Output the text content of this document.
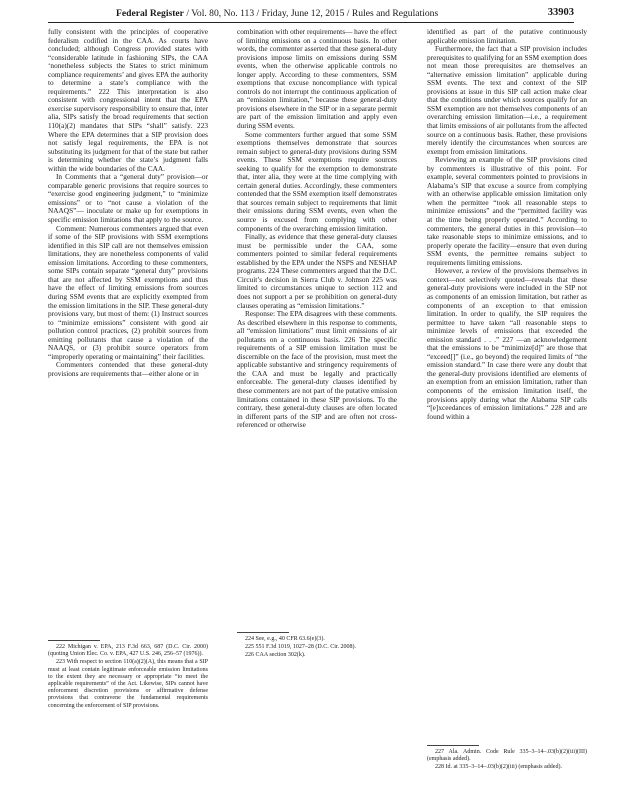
Federal Register / Vol. 80, No. 113 / Friday, June 12, 2015 / Rules and Regulations	33903

fully consistent with the principles of cooperative federalism codified in the CAA. As courts have concluded; although Congress provided states with “considerable latitude in fashioning SIPs, the CAA ‘nonetheless subjects the States to strict minimum compliance requirements’ and gives EPA the authority to determine a state’s compliance with the requirements.” 222 This interpretation is also consistent with congressional intent that the EPA exercise supervisory responsibility to ensure that, inter alia, SIPs satisfy the broad requirements that section 110(a)(2) mandates that SIPs “shall” satisfy. 223 Where the EPA determines that a SIP provision does not satisfy legal requirements, the EPA is not substituting its judgment for that of the state but rather is determining whether the state’s judgment falls within the wide boundaries of the CAA.

In Comments that a “general duty” provision—or comparable generic provisions that require sources to “exercise good engineering judgment,” to “minimize emissions” or to “not cause a violation of the NAAQS”— inoculate or make up for exemptions in specific emission limitations that apply to the source.

Comment: Numerous commenters argued that even if some of the SIP provisions with SSM exemptions identified in this SIP call are not themselves emission limitations, they are nonetheless components of valid emission limitations. According to these commenters, some SIPs contain separate “general duty” provisions that are not affected by SSM exemptions and thus have the effect of limiting emissions from sources during SSM events that are explicitly exempted from the emission limitations in the SIP. These general-duty provisions vary, but most of them: (1) Instruct sources to “minimize emissions” consistent with good air pollution control practices, (2) prohibit sources from emitting pollutants that cause a violation of the NAAQS, or (3) prohibit source operators from “improperly operating or maintaining” their facilities.

Commenters contended that these general-duty provisions are requirements that—either alone or in

combination with other requirements— have the effect of limiting emissions on a continuous basis. In other words, the commenter asserted that these general-duty provisions impose limits on emissions during SSM events, when the otherwise applicable controls no longer apply. According to these commenters, SSM exemptions that excuse noncompliance with typical controls do not interrupt the continuous application of an “emission limitation,” because these general-duty provisions elsewhere in the SIP or in a separate permit are part of the emission limitation and apply even during SSM events.

Some commenters further argued that some SSM exemptions themselves demonstrate that sources remain subject to general-duty provisions during SSM events. These SSM exemptions require sources seeking to qualify for the exemption to demonstrate that, inter alia, they were at the time complying with certain general duties. Accordingly, these commenters contended that the SSM exemption itself demonstrates that sources remain subject to requirements that limit their emissions during SSM events, even when the source is excused from complying with other components of the overarching emission limitation.

Finally, as evidence that these general-duty clauses must be permissible under the CAA, some commenters pointed to similar federal requirements established by the EPA under the NSPS and NESHAP programs. 224 These commenters argued that the D.C. Circuit’s decision in Sierra Club v. Johnson 225 was limited to circumstances unique to section 112 and does not support a per se prohibition on general-duty clauses operating as “emission limitations.”

Response: The EPA disagrees with these comments. As described elsewhere in this response to comments, all “emission limitations” must limit emissions of air pollutants on a continuous basis. 226 The specific requirements of a SIP emission limitation must be discernible on the face of the provision, must meet the applicable substantive and stringency requirements of the CAA and must be legally and practically enforceable. The general-duty clauses identified by these commenters are not part of the putative emission limitations contained in these SIP provisions. To the contrary, these general-duty clauses are often located in different parts of the SIP and are often not cross-referenced or otherwise

identified as part of the putative continuously applicable emission limitation.

Furthermore, the fact that a SIP provision includes prerequisites to qualifying for an SSM exemption does not mean those prerequisites are themselves an “alternative emission limitation” applicable during SSM events. The text and context of the SIP provisions at issue in this SIP call action make clear that the conditions under which sources qualify for an SSM exemption are not themselves components of an overarching emission limitation—i.e., a requirement that limits emissions of air pollutants from the affected source on a continuous basis. Rather, these provisions merely identify the circumstances when sources are exempt from emission limitations.

Reviewing an example of the SIP provisions cited by commenters is illustrative of this point. For example, several commenters pointed to provisions in Alabama’s SIP that excuse a source from complying with an otherwise applicable emission limitation only when the permittee “took all reasonable steps to minimize emissions” and the “permitted facility was at the time being properly operated.” According to commenters, the general duties in this provision—to take reasonable steps to minimize emissions, and to properly operate the facility—ensure that even during SSM events, the permittee remains subject to requirements limiting emissions.

However, a review of the provisions themselves in context—not selectively quoted—reveals that these general-duty provisions were included in the SIP not as components of an emission limitation, but rather as components of an exception to that emission limitation. In order to qualify, the SIP requires the permittee to have taken “all reasonable steps to minimize levels of emissions that exceeded the emission standard . . .” 227 —an acknowledgement that the emissions to be “minimize[d]” are those that “exceed[]” (i.e., go beyond) the required limits of “the emission standard.” In case there were any doubt that the general-duty provisions identified are elements of an exemption from an emission limitation, rather than components of the emission limitation itself, the provisions apply during what the Alabama SIP calls “[e]xceedances of emission limitations.” 228 and are found within a

222 Michigan v. EPA, 213 F.3d 663, 687 (D.C. Cir. 2000) (quoting Union Elec. Co. v. EPA, 427 U.S. 246, 256–57 (1976)).

223 With respect to section 110(a)(2)(A), this means that a SIP must at least contain legitimate enforceable emission limitations to the extent they are necessary or appropriate “to meet the applicable requirements” of the Act. Likewise, SIPs cannot have enforcement discretion provisions or affirmative defense provisions that contravene the fundamental requirements concerning the enforcement of SIP provisions.

224 See, e.g., 40 CFR 63.6(e)(3).

225 551 F.3d 1019, 1027–28 (D.C. Cir. 2008).

226 CAA section 302(k).

227 Ala. Admin. Code Rule 335–3–14–.03(b)(2)(iii)(III) (emphasis added).

228 Id. at 335–3–14–.03(b)(2)(iii) (emphasis added).
